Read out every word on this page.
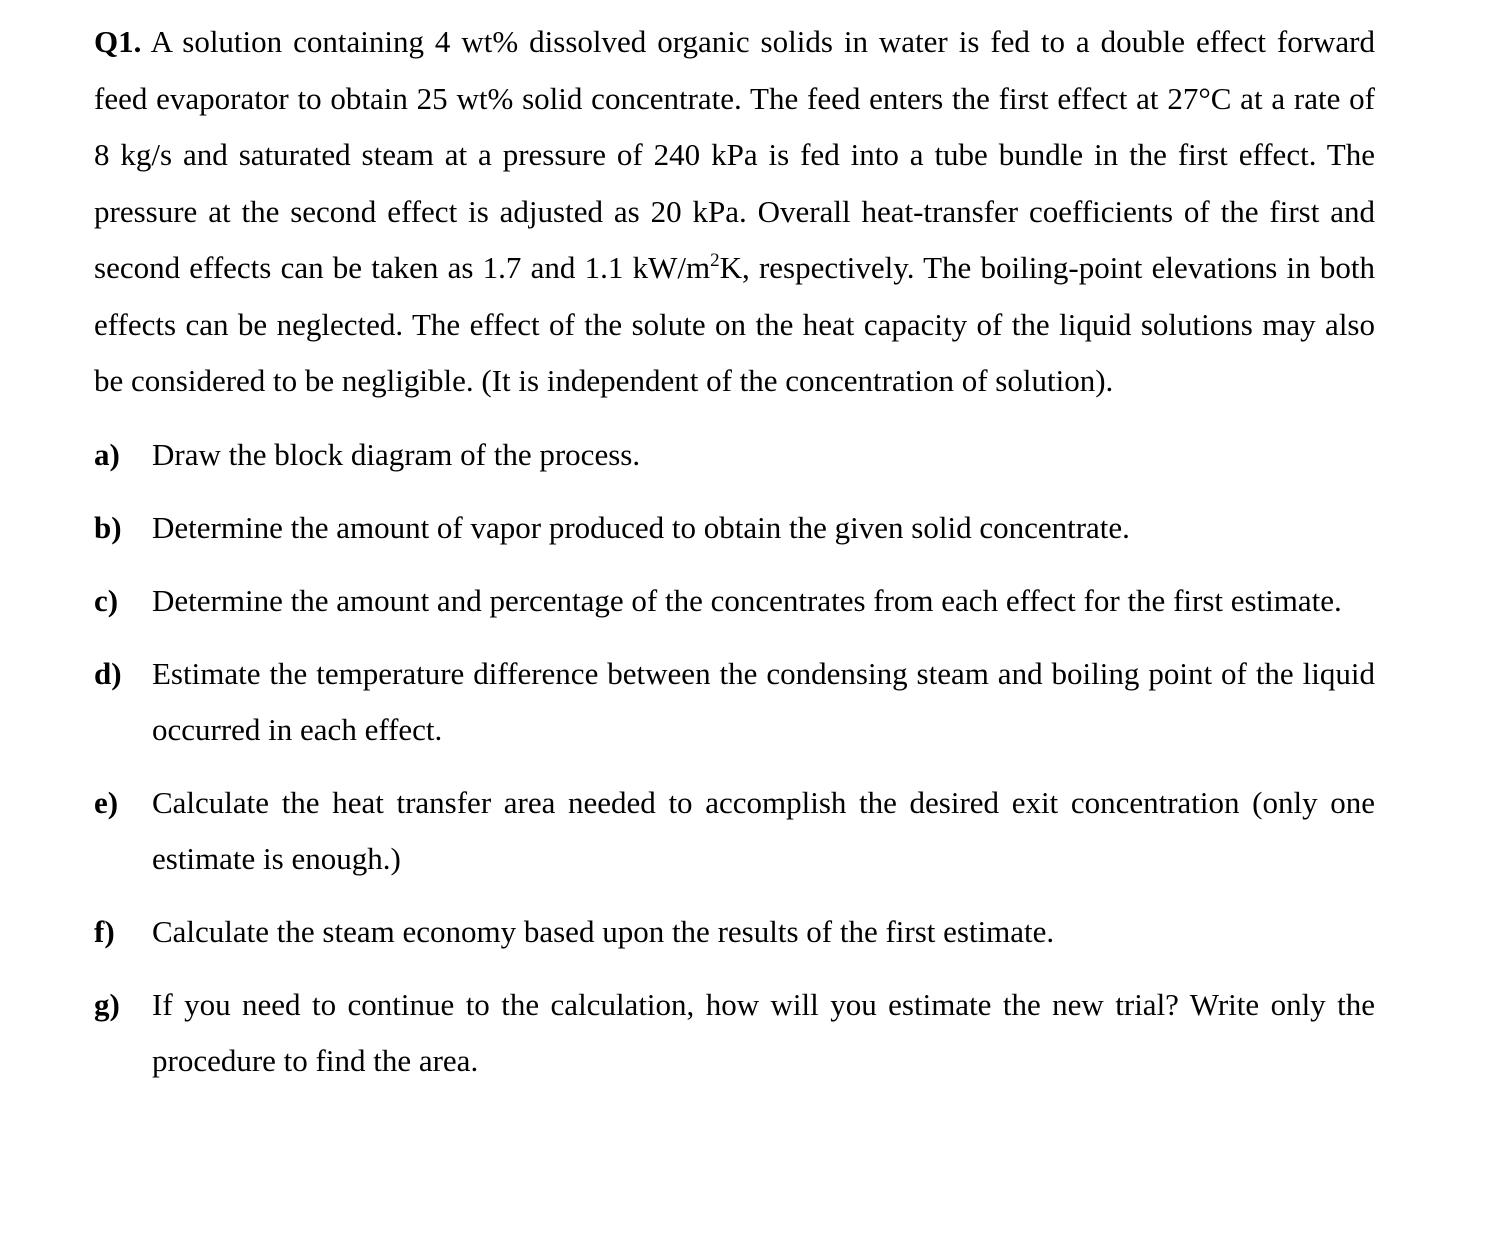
Q1. A solution containing 4 wt% dissolved organic solids in water is fed to a double effect forward feed evaporator to obtain 25 wt% solid concentrate. The feed enters the first effect at 27°C at a rate of 8 kg/s and saturated steam at a pressure of 240 kPa is fed into a tube bundle in the first effect. The pressure at the second effect is adjusted as 20 kPa. Overall heat-transfer coefficients of the first and second effects can be taken as 1.7 and 1.1 $kW/m^2K$, respectively. The boiling-point elevations in both effects can be neglected. The effect of the solute on the heat capacity of the liquid solutions may also be considered to be negligible. (It is independent of the concentration of solution).

a) Draw the block diagram of the process.
b) Determine the amount of vapor produced to obtain the given solid concentrate.
c) Determine the amount and percentage of the concentrates from each effect for the first estimate.
d) Estimate the temperature difference between the condensing steam and boiling point of the liquid occurred in each effect.
e) Calculate the heat transfer area needed to accomplish the desired exit concentration (only one estimate is enough.)
f) Calculate the steam economy based upon the results of the first estimate.
g) If you need to continue to the calculation, how will you estimate the new trial? Write only the procedure to find the area.
